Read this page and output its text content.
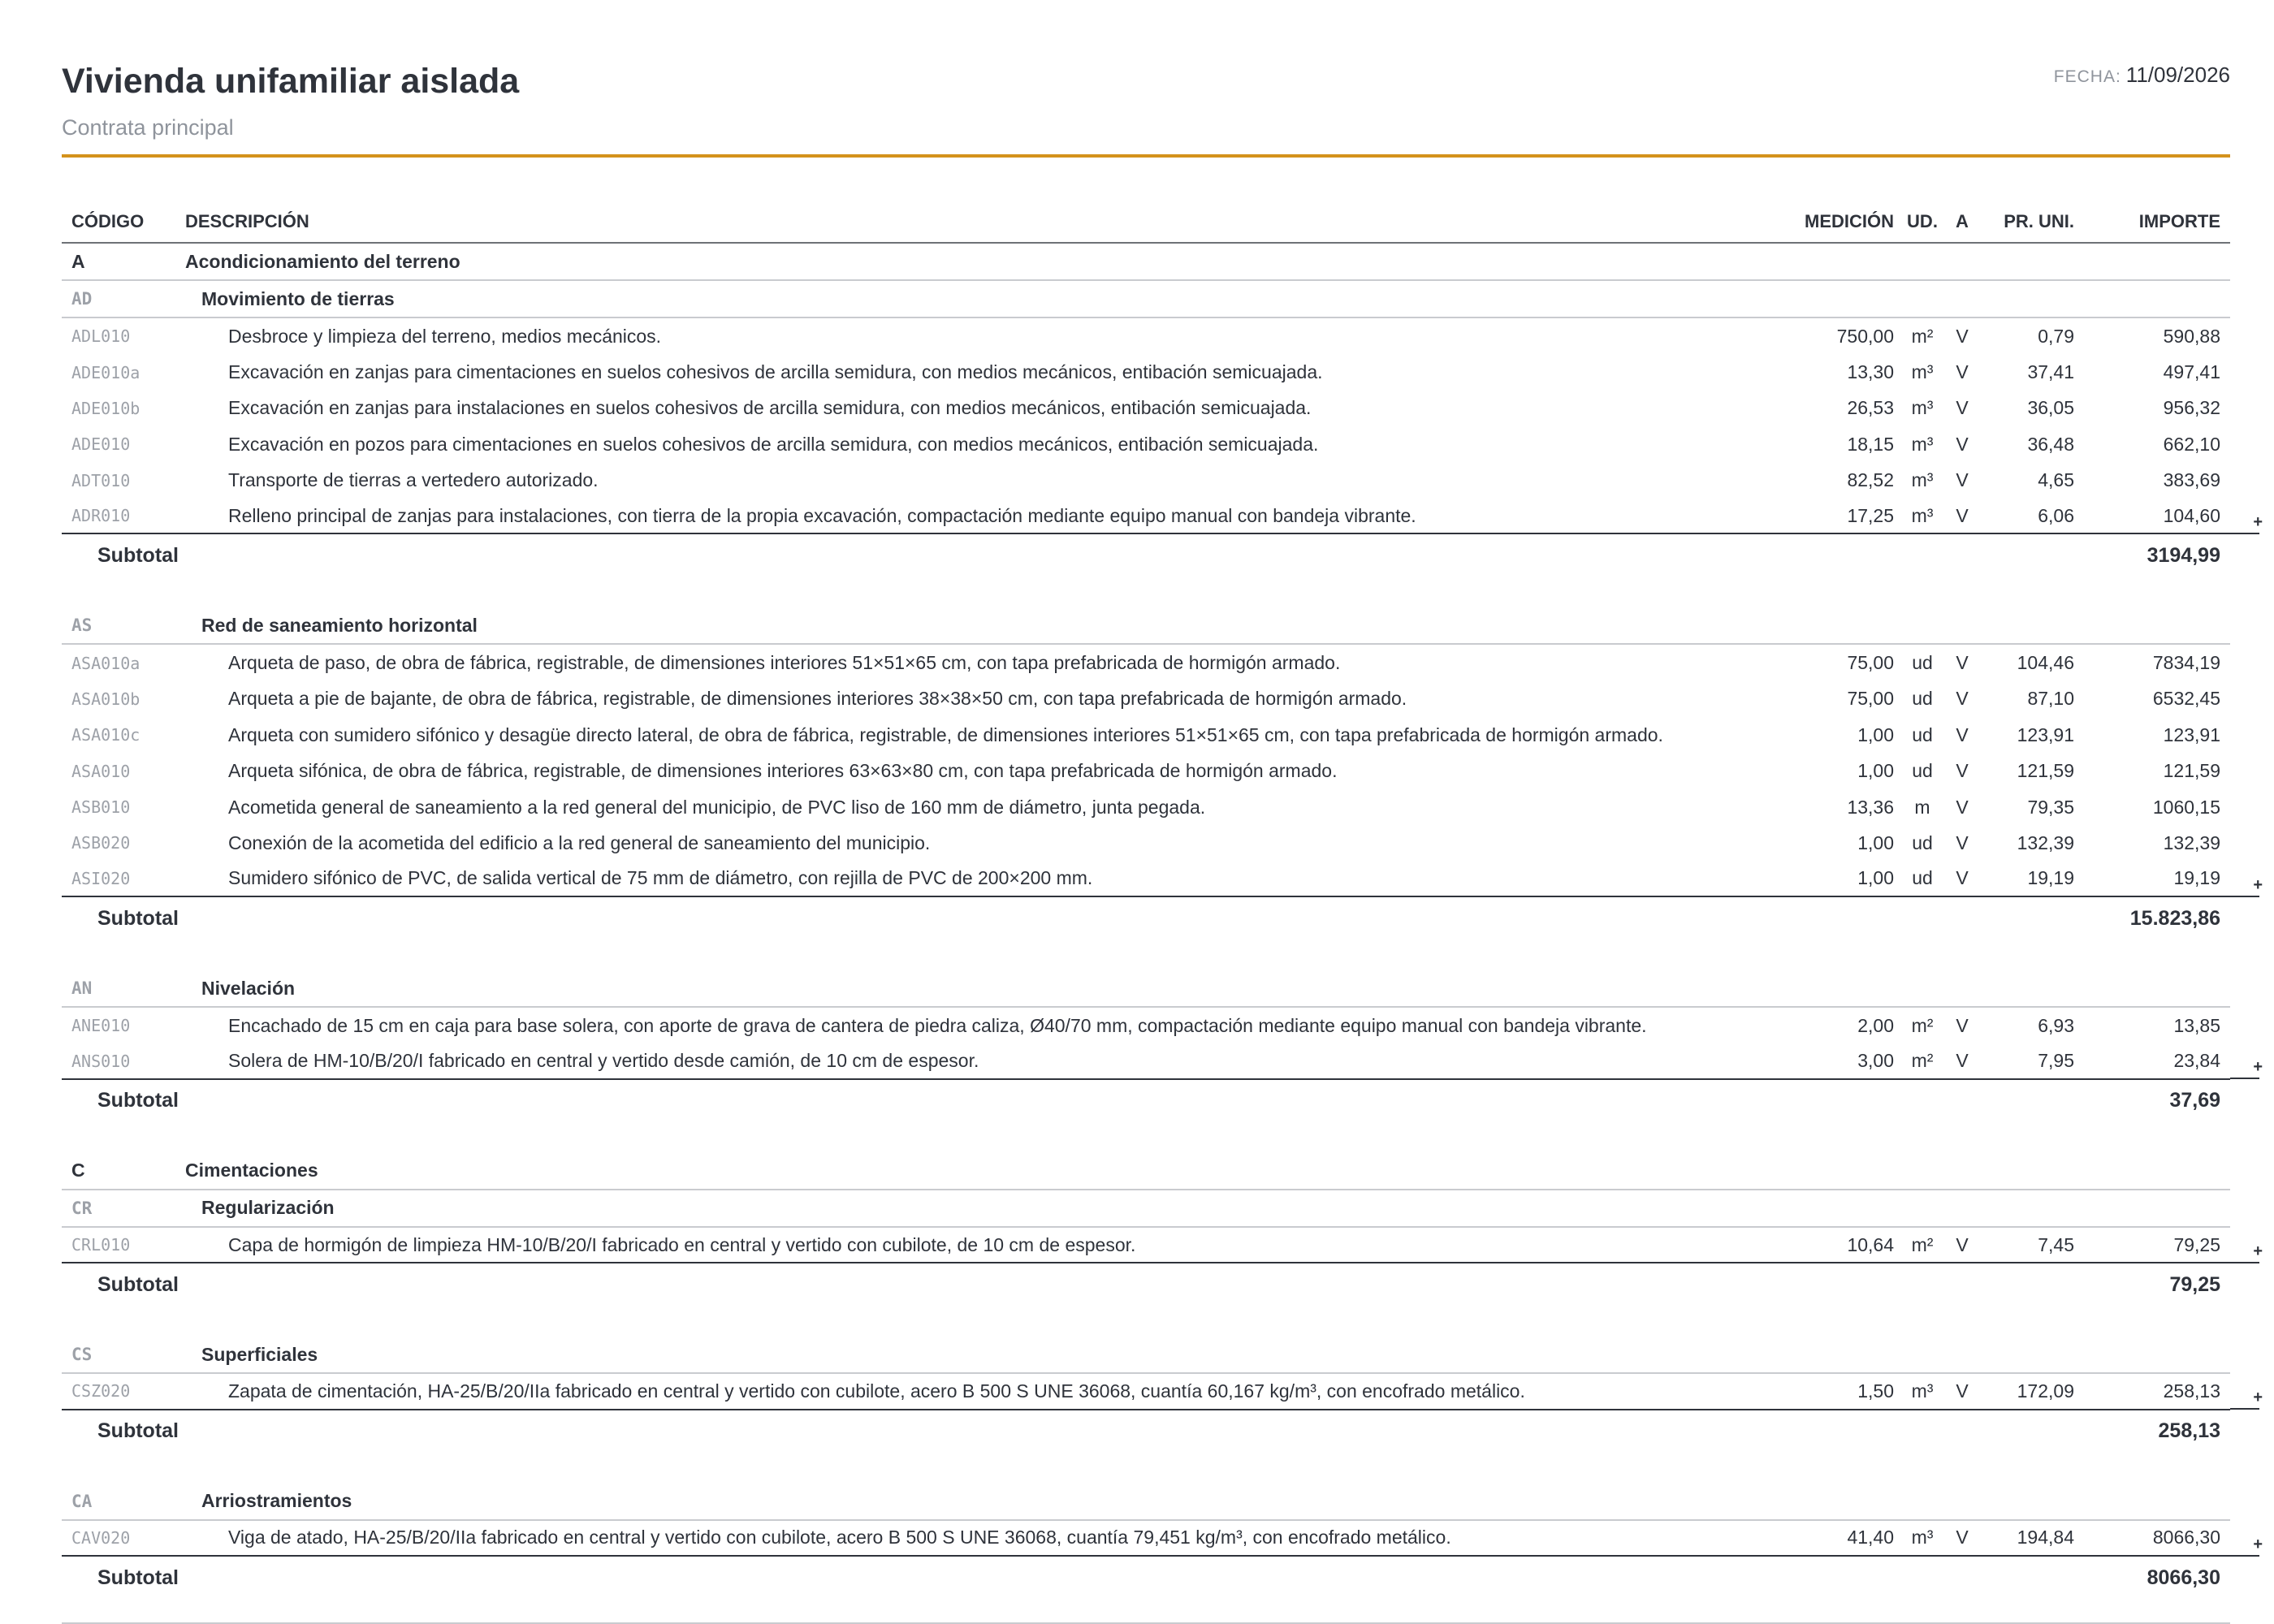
Vivienda unifamiliar aislada
Contrata principal
FECHA: 11/09/2026
CÓDIGO DESCRIPCIÓN	MEDICIÓN UD.	A	PR. UNI.	IMPORTE
A	Acondicionamiento del terreno
AD	Movimiento de tierras
ADL010	Desbroce y limpieza del terreno, medios mecánicos.	750,00 m²	V	0,79	590,88
ADE010a	Excavación en zanjas para cimentaciones en suelos cohesivos de arcilla semidura, con medios mecánicos, entibación semicuajada.	13,30 m³	V	37,41	497,41
ADE010b	Excavación en zanjas para instalaciones en suelos cohesivos de arcilla semidura, con medios mecánicos, entibación semicuajada.	26,53 m³	V	36,05	956,32
ADE010	Excavación en pozos para cimentaciones en suelos cohesivos de arcilla semidura, con medios mecánicos, entibación semicuajada.	18,15 m³	V	36,48	662,10
ADT010	Transporte de tierras a vertedero autorizado.	82,52 m³	V	4,65	383,69
ADR010	Relleno principal de zanjas para instalaciones, con tierra de la propia excavación, compactación mediante equipo manual con bandeja vibrante.	17,25 m³	V	6,06	104,60	+
Subtotal	3194,99
AS	Red de saneamiento horizontal
ASA010a	Arqueta de paso, de obra de fábrica, registrable, de dimensiones interiores 51×51×65 cm, con tapa prefabricada de hormigón armado.	75,00 ud	V	104,46	7834,19
ASA010b	Arqueta a pie de bajante, de obra de fábrica, registrable, de dimensiones interiores 38×38×50 cm, con tapa prefabricada de hormigón armado.	75,00 ud	V	87,10	6532,45
ASA010c	Arqueta con sumidero sifónico y desagüe directo lateral, de obra de fábrica, registrable, de dimensiones interiores 51×51×65 cm, con tapa prefabricada de hormigón armado.	1,00 ud	V	123,91	123,91
ASA010	Arqueta sifónica, de obra de fábrica, registrable, de dimensiones interiores 63×63×80 cm, con tapa prefabricada de hormigón armado.	1,00 ud	V	121,59	121,59
ASB010	Acometida general de saneamiento a la red general del municipio, de PVC liso de 160 mm de diámetro, junta pegada.	13,36	m	V	79,35	1060,15
ASB020	Conexión de la acometida del edificio a la red general de saneamiento del municipio.	1,00 ud	V	132,39	132,39
ASI020	Sumidero sifónico de PVC, de salida vertical de 75 mm de diámetro, con rejilla de PVC de 200×200 mm.	1,00 ud	V	19,19	19,19	+
Subtotal	15.823,86
AN	Nivelación
ANE010	Encachado de 15 cm en caja para base solera, con aporte de grava de cantera de piedra caliza, Ø40/70 mm, compactación mediante equipo manual con bandeja vibrante.	2,00 m²	V	6,93	13,85
ANS010	Solera de HM-10/B/20/I fabricado en central y vertido desde camión, de 10 cm de espesor.	3,00 m²	V	7,95	23,84	+
Subtotal	37,69
C	Cimentaciones
CR	Regularización
CRL010	Capa de hormigón de limpieza HM-10/B/20/I fabricado en central y vertido con cubilote, de 10 cm de espesor.	10,64 m²	V	7,45	79,25	+
Subtotal	79,25
CS	Superficiales
CSZ020	Zapata de cimentación, HA-25/B/20/IIa fabricado en central y vertido con cubilote, acero B 500 S UNE 36068, cuantía 60,167 kg/m³, con encofrado metálico.	1,50 m³	V	172,09	258,13	+
Subtotal	258,13
CA	Arriostramientos
CAV020	Viga de atado, HA-25/B/20/IIa fabricado en central y vertido con cubilote, acero B 500 S UNE 36068, cuantía 79,451 kg/m³, con encofrado metálico.	41,40 m³	V	194,84	8066,30	+
Subtotal	8066,30
